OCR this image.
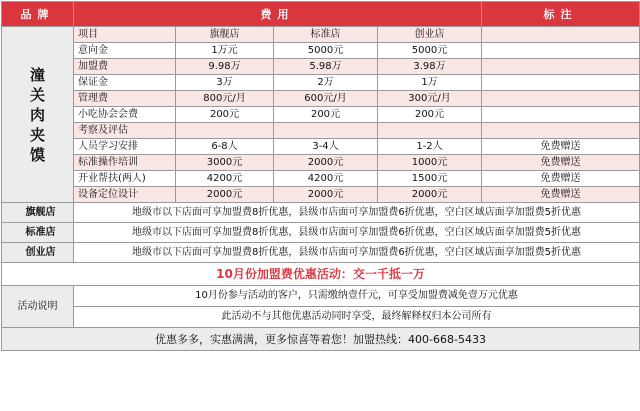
品牌	费用				标注

潼
关
肉
夹
馍	项目	旗舰店	标准店	创业店	
	意向金	1万元	5000元	5000元	
	加盟费	9.98万	5.98万	3.98万	
	保证金	3万	2万	1万	
	管理费	800元/月	600元/月	300元/月	
	小吃协会会费	200元	200元	200元	
	考察及评估				
	人员学习安排	6-8人	3-4人	1-2人	免费赠送
	标准操作培训	3000元	2000元	1000元	免费赠送
	开业帮扶(两人)	4200元	4200元	1500元	免费赠送
	设备定位设计	2000元	2000元	2000元	免费赠送
旗舰店	地级市以下店面可享加盟费8折优惠，县级市店面可享加盟费6折优惠，空白区域店面享加盟费5折优惠				
标准店	地级市以下店面可享加盟费8折优惠，县级市店面可享加盟费6折优惠，空白区域店面享加盟费5折优惠				
创业店	地级市以下店面可享加盟费8折优惠，县级市店面可享加盟费6折优惠，空白区域店面享加盟费5折优惠				
10月份加盟费优惠活动：交一千抵一万					
活动说明	10月份参与活动的客户，只需缴纳壹仟元，可享受加盟费减免壹万元优惠				
	此活动不与其他优惠活动同时享受，最终解释权归本公司所有				
优惠多多，实惠满满，更多惊喜等着您！加盟热线：400-668-5433					
